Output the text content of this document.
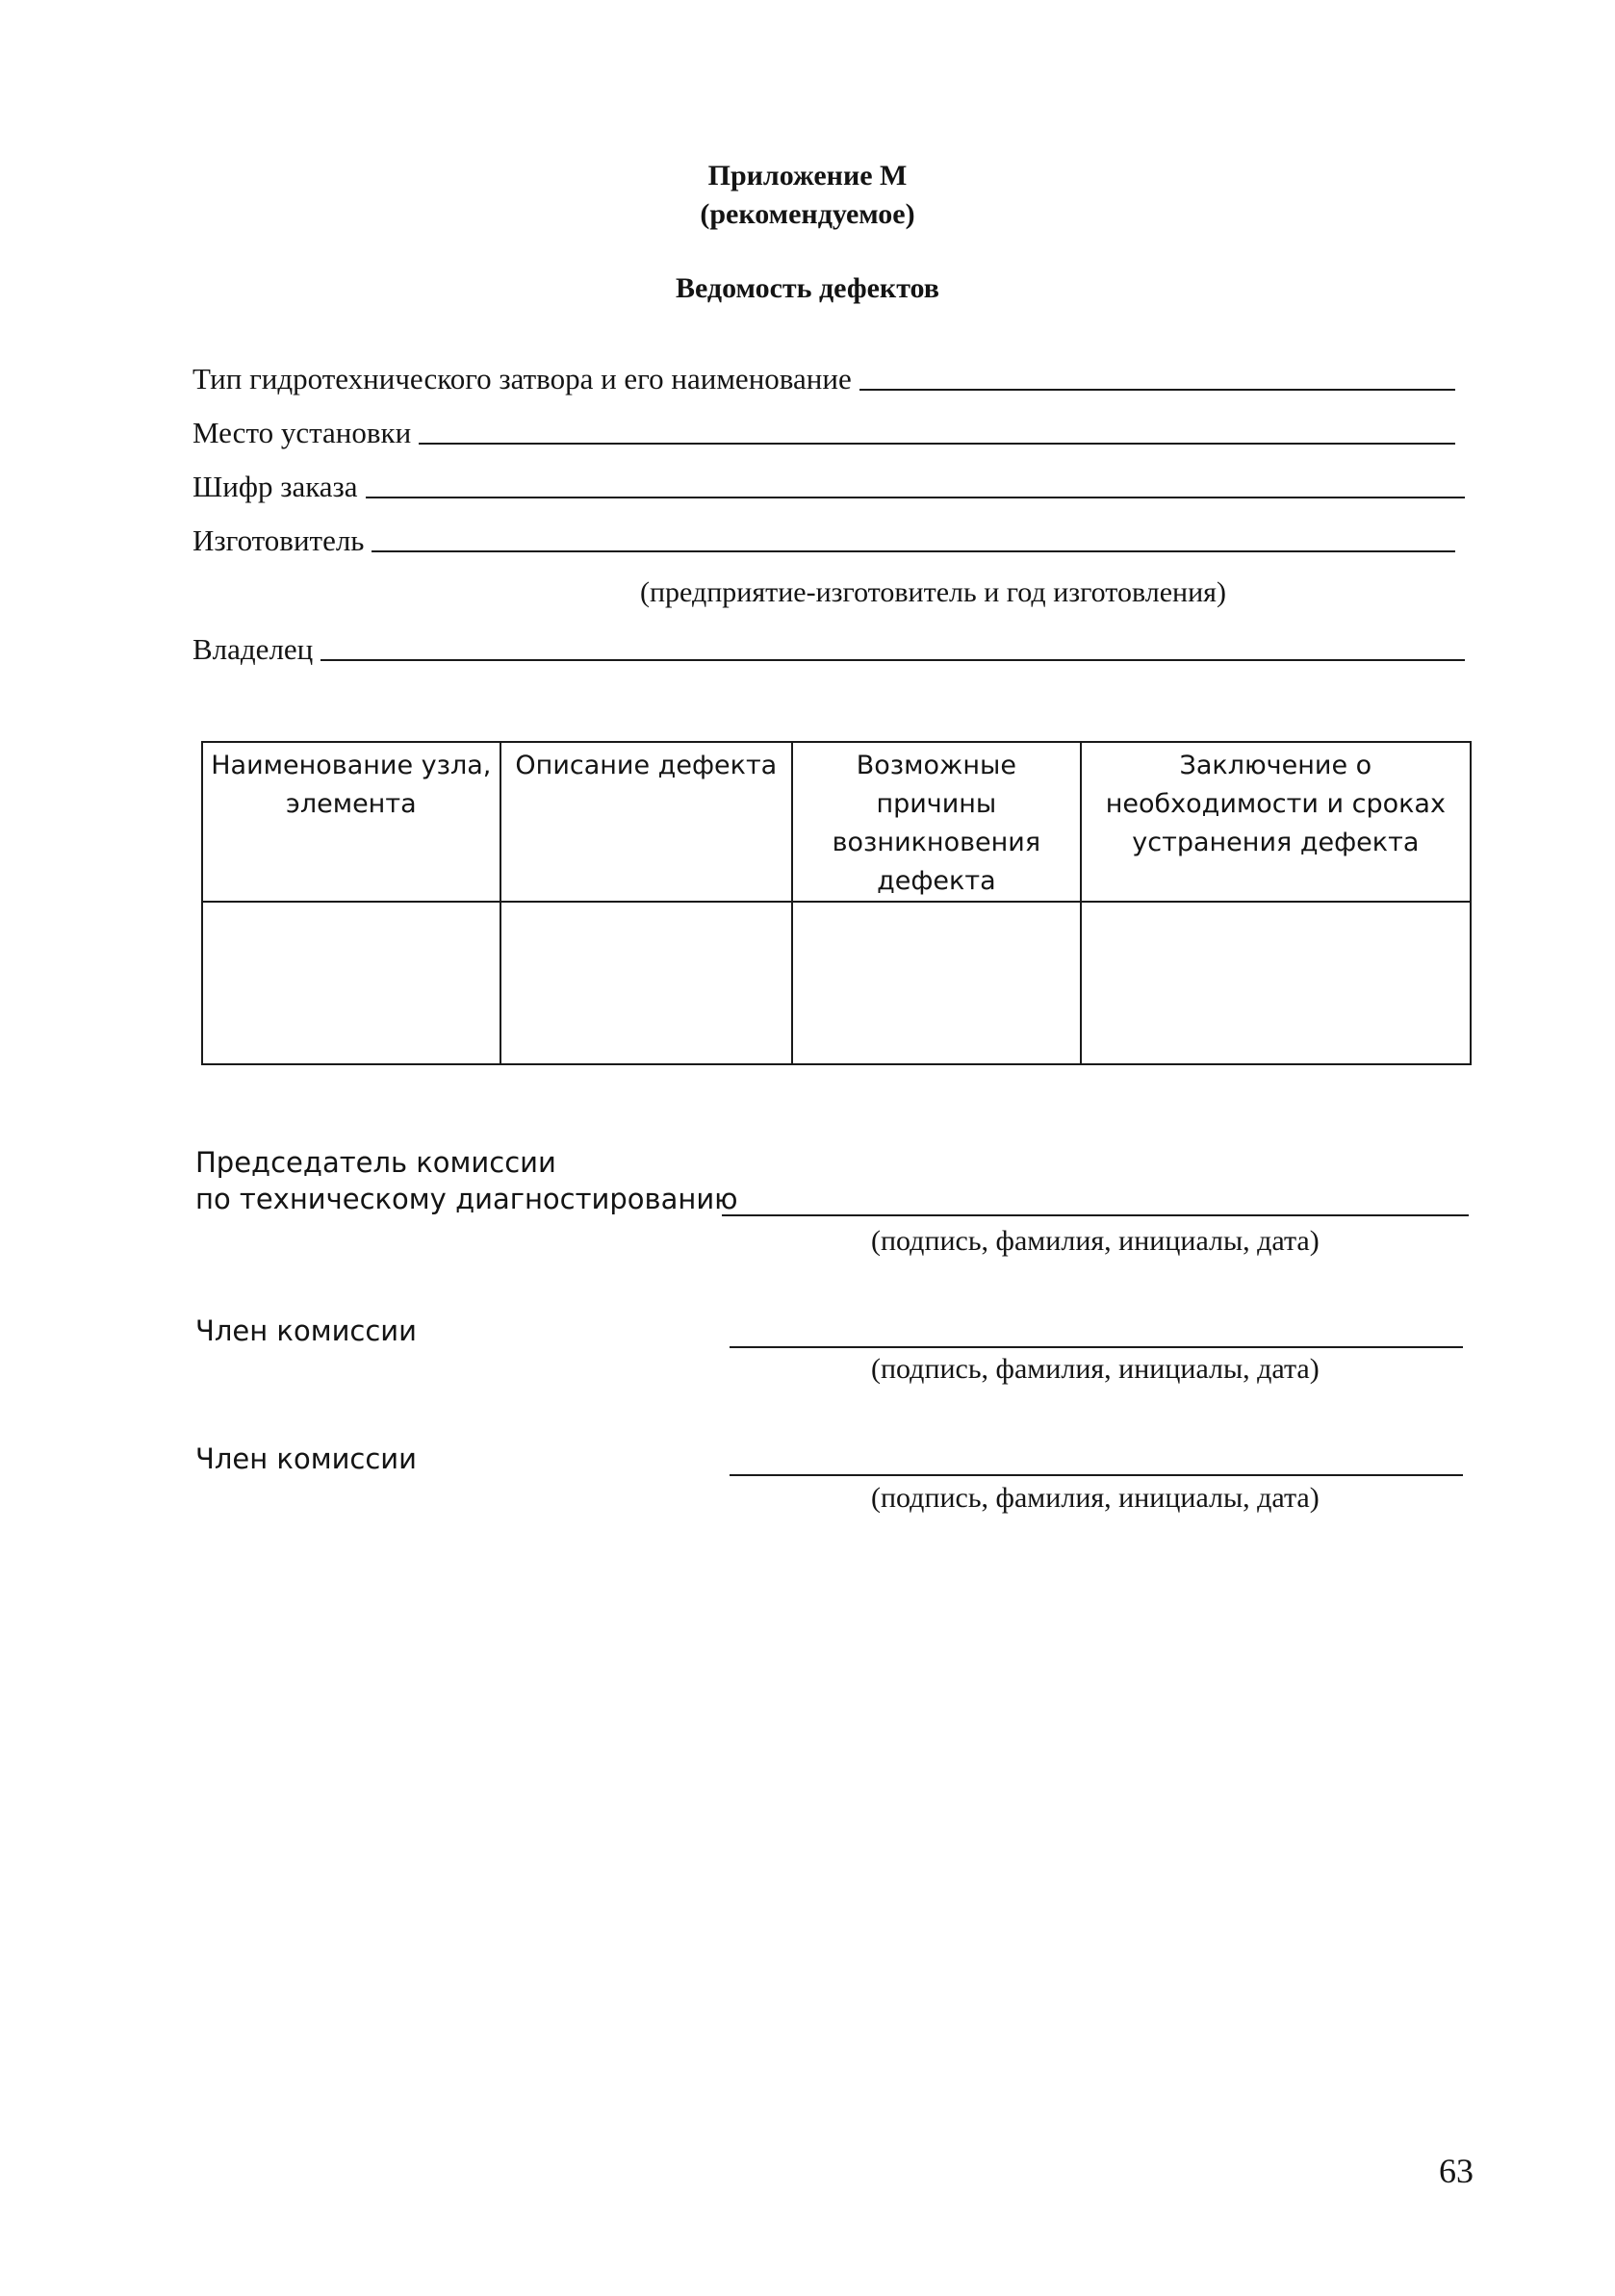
Приложение М
(рекомендуемое)
Ведомость дефектов
Тип гидротехнического затвора и его наименование
Место установки
Шифр заказа
Изготовитель
(предприятие-изготовитель и год изготовления)
Владелец
Наименование узла, элемента	Описание дефекта	Возможные причины возникновения дефекта	Заключение о необходимости и сроках устранения дефекта

Председатель комиссии
по техническому диагностированию
(подпись, фамилия, инициалы, дата)
Член комиссии
(подпись, фамилия, инициалы, дата)
Член комиссии
(подпись, фамилия, инициалы, дата)
63
